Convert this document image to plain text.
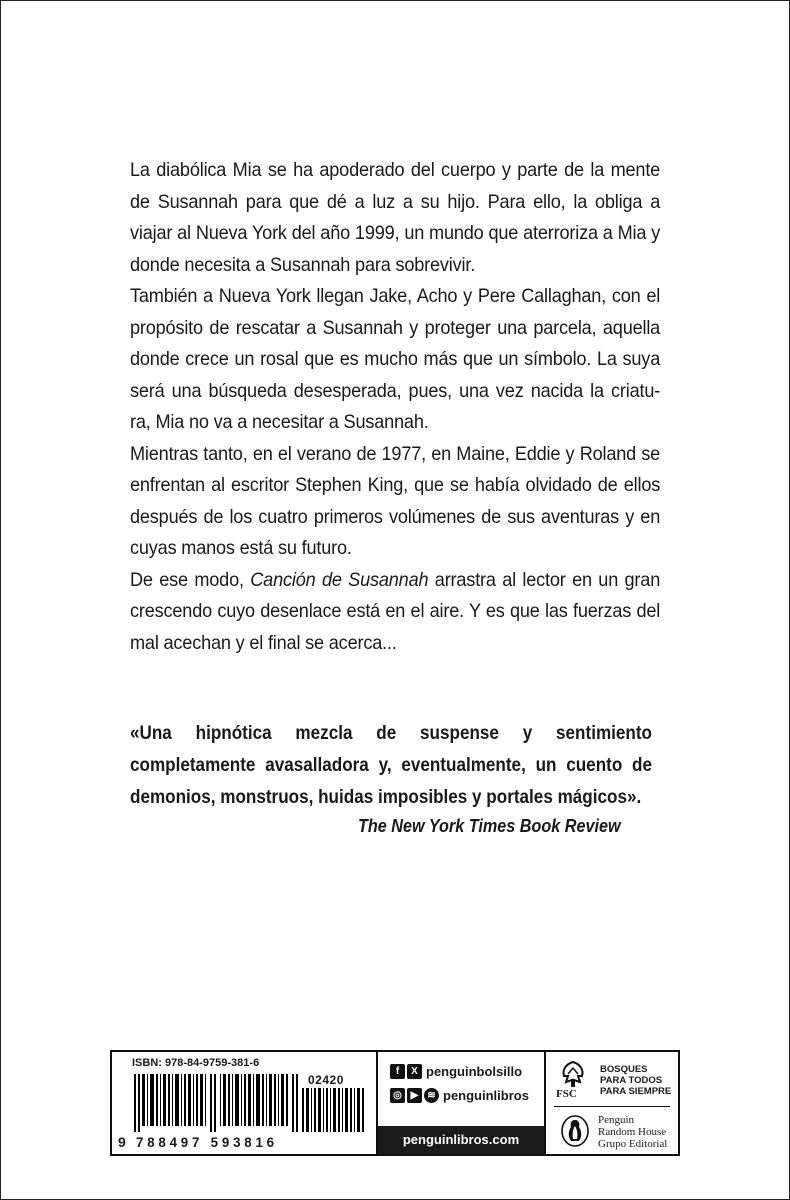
La diabólica Mia se ha apoderado del cuerpo y parte de la mente de Susannah para que dé a luz a su hijo. Para ello, la obliga a viajar al Nueva York del año 1999, un mundo que aterroriza a Mia y donde necesita a Susannah para sobrevivir.

También a Nueva York llegan Jake, Acho y Pere Callaghan, con el propósito de rescatar a Susannah y proteger una parcela, aquella donde crece un rosal que es mucho más que un símbolo. La suya será una búsqueda desesperada, pues, una vez nacida la criatu-ra, Mia no va a necesitar a Susannah.

Mientras tanto, en el verano de 1977, en Maine, Eddie y Roland se enfrentan al escritor Stephen King, que se había olvidado de ellos después de los cuatro primeros volúmenes de sus aventuras y en cuyas manos está su futuro.

De ese modo, Canción de Susannah arrastra al lector en un gran crescendo cuyo desenlace está en el aire. Y es que las fuerzas del mal acechan y el final se acerca...

«Una hipnótica mezcla de suspense y sentimiento completamente avasalladora y, eventualmente, un cuento de demonios, monstruos, huidas imposibles y portales mágicos».
The New York Times Book Review
ISBN: 978-84-9759-381-6
02420
9 788497 593816
f	X penguinbolsillo
◎ ▶ ≋ penguinlibros
penguinlibros.com
FSC
BOSQUES
PARA TODOS
PARA SIEMPRE
Penguin
Random House
Grupo Editorial
